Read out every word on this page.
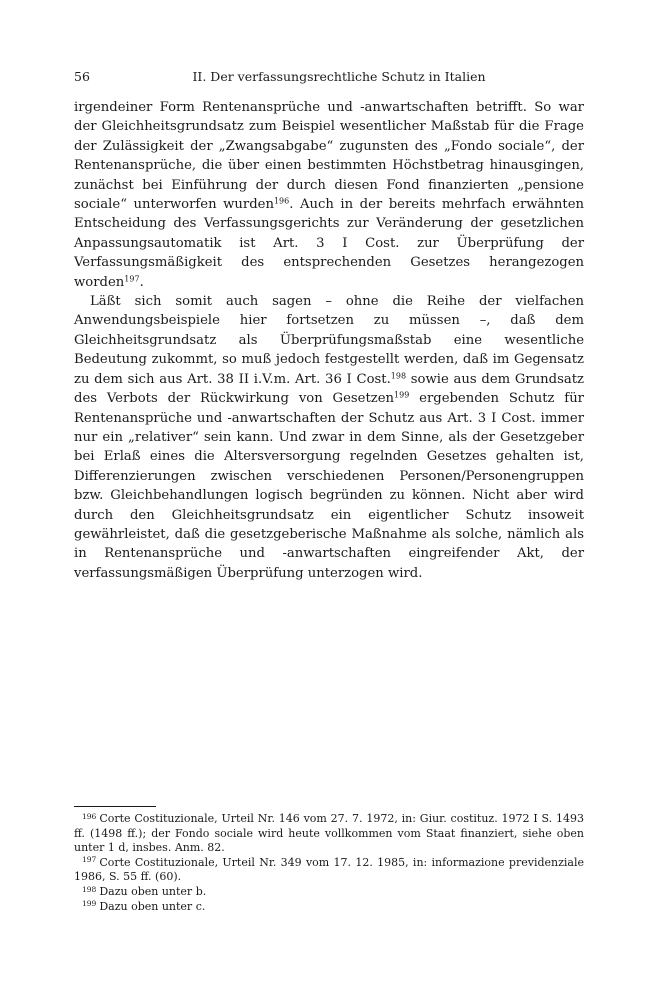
56	II. Der verfassungsrechtliche Schutz in Italien

irgendeiner Form Rentenansprüche und -anwartschaften betrifft. So war der Gleichheitsgrundsatz zum Beispiel wesentlicher Maßstab für die Frage der Zulässigkeit der „Zwangsabgabe“ zugunsten des „Fondo sociale“, der Rentenansprüche, die über einen bestimmten Höchstbetrag hinausgingen, zunächst bei Einführung der durch diesen Fond finanzierten „pensione sociale“ unterworfen wurden$^{196}$. Auch in der bereits mehrfach erwähnten Entscheidung des Verfassungsgerichts zur Veränderung der gesetzlichen Anpassungsautomatik ist Art. 3 I Cost. zur Überprüfung der Verfassungsmäßigkeit des entsprechenden Gesetzes herangezogen worden$^{197}$.

Läßt sich somit auch sagen – ohne die Reihe der vielfachen Anwendungsbeispiele hier fortsetzen zu müssen –, daß dem Gleichheitsgrundsatz als Überprüfungsmaßstab eine wesentliche Bedeutung zukommt, so muß jedoch festgestellt werden, daß im Gegensatz zu dem sich aus Art. 38 II i.V.m. Art. 36 I Cost.$^{198}$ sowie aus dem Grundsatz des Verbots der Rückwirkung von Gesetzen$^{199}$ ergebenden Schutz für Rentenansprüche und -anwartschaften der Schutz aus Art. 3 I Cost. immer nur ein „relativer“ sein kann. Und zwar in dem Sinne, als der Gesetzgeber bei Erlaß eines die Altersversorgung regelnden Gesetzes gehalten ist, Differenzierungen zwischen verschiedenen Personen/Personengruppen bzw. Gleichbehandlungen logisch begründen zu können. Nicht aber wird durch den Gleichheitsgrundsatz ein eigentlicher Schutz insoweit gewährleistet, daß die gesetzgeberische Maßnahme als solche, nämlich als in Rentenansprüche und -anwartschaften eingreifender Akt, der verfassungsmäßigen Überprüfung unterzogen wird.

$^{196}$ Corte Costituzionale, Urteil Nr. 146 vom 27. 7. 1972, in: Giur. costituz. 1972 I S. 1493 ff. (1498 ff.); der Fondo sociale wird heute vollkommen vom Staat finanziert, siehe oben unter 1 d, insbes. Anm. 82.

$^{197}$ Corte Costituzionale, Urteil Nr. 349 vom 17. 12. 1985, in: informazione previdenziale 1986, S. 55 ff. (60).

$^{198}$ Dazu oben unter b.

$^{199}$ Dazu oben unter c.
